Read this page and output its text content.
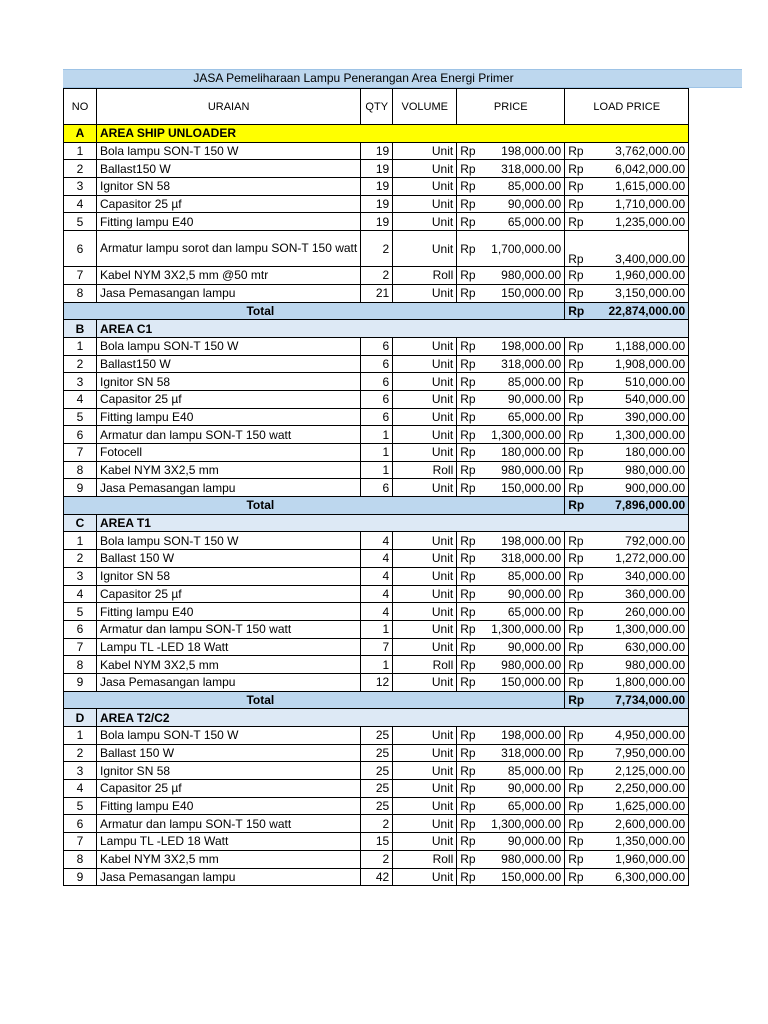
JASA Pemeliharaan Lampu Penerangan Area Energi Primer
NO	URAIAN	QTY	VOLUME	PRICE		LOAD PRICE	
A	AREA SHIP UNLOADER						
1	Bola lampu SON-T 150 W	19	Unit	Rp	198,000.00	Rp	3,762,000.00
2	Ballast150 W	19	Unit	Rp	318,000.00	Rp	6,042,000.00
3	Ignitor SN 58	19	Unit	Rp	85,000.00	Rp	1,615,000.00
4	Capasitor 25 µf	19	Unit	Rp	90,000.00	Rp	1,710,000.00
5	Fitting lampu E40	19	Unit	Rp	65,000.00	Rp	1,235,000.00
6	Armatur lampu sorot dan lampu SON-T 150 watt	2	Unit	Rp	1,700,000.00	Rp	3,400,000.00
7	Kabel NYM 3X2,5 mm @50 mtr	2	Roll	Rp	980,000.00	Rp	1,960,000.00
8	Jasa Pemasangan lampu	21	Unit	Rp	150,000.00	Rp	3,150,000.00
Total						Rp	22,874,000.00
B	AREA C1						
1	Bola lampu SON-T 150 W	6	Unit	Rp	198,000.00	Rp	1,188,000.00
2	Ballast150 W	6	Unit	Rp	318,000.00	Rp	1,908,000.00
3	Ignitor SN 58	6	Unit	Rp	85,000.00	Rp	510,000.00
4	Capasitor 25 µf	6	Unit	Rp	90,000.00	Rp	540,000.00
5	Fitting lampu E40	6	Unit	Rp	65,000.00	Rp	390,000.00
6	Armatur dan lampu SON-T 150 watt	1	Unit	Rp	1,300,000.00	Rp	1,300,000.00
7	Fotocell	1	Unit	Rp	180,000.00	Rp	180,000.00
8	Kabel NYM 3X2,5 mm	1	Roll	Rp	980,000.00	Rp	980,000.00
9	Jasa Pemasangan lampu	6	Unit	Rp	150,000.00	Rp	900,000.00
Total						Rp	7,896,000.00
C	AREA T1						
1	Bola lampu SON-T 150 W	4	Unit	Rp	198,000.00	Rp	792,000.00
2	Ballast 150 W	4	Unit	Rp	318,000.00	Rp	1,272,000.00
3	Ignitor SN 58	4	Unit	Rp	85,000.00	Rp	340,000.00
4	Capasitor 25 µf	4	Unit	Rp	90,000.00	Rp	360,000.00
5	Fitting lampu E40	4	Unit	Rp	65,000.00	Rp	260,000.00
6	Armatur dan lampu SON-T 150 watt	1	Unit	Rp	1,300,000.00	Rp	1,300,000.00
7	Lampu TL -LED 18 Watt	7	Unit	Rp	90,000.00	Rp	630,000.00
8	Kabel NYM 3X2,5 mm	1	Roll	Rp	980,000.00	Rp	980,000.00
9	Jasa Pemasangan lampu	12	Unit	Rp	150,000.00	Rp	1,800,000.00
Total						Rp	7,734,000.00
D	AREA T2/C2						
1	Bola lampu SON-T 150 W	25	Unit	Rp	198,000.00	Rp	4,950,000.00
2	Ballast 150 W	25	Unit	Rp	318,000.00	Rp	7,950,000.00
3	Ignitor SN 58	25	Unit	Rp	85,000.00	Rp	2,125,000.00
4	Capasitor 25 µf	25	Unit	Rp	90,000.00	Rp	2,250,000.00
5	Fitting lampu E40	25	Unit	Rp	65,000.00	Rp	1,625,000.00
6	Armatur dan lampu SON-T 150 watt	2	Unit	Rp	1,300,000.00	Rp	2,600,000.00
7	Lampu TL -LED 18 Watt	15	Unit	Rp	90,000.00	Rp	1,350,000.00
8	Kabel NYM 3X2,5 mm	2	Roll	Rp	980,000.00	Rp	1,960,000.00
9	Jasa Pemasangan lampu	42	Unit	Rp	150,000.00	Rp	6,300,000.00
